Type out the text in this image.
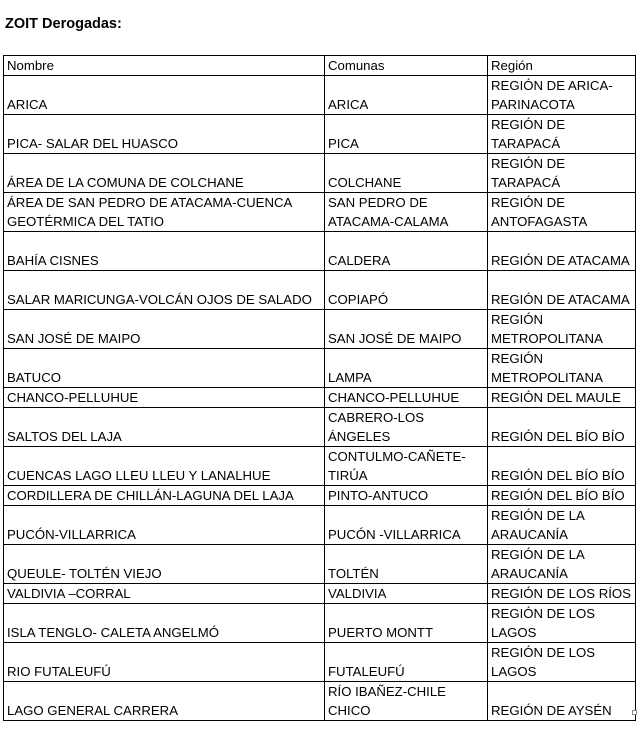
ZOIT Derogadas:
Nombre	Comunas	Región
ARICA	ARICA	REGIÓN DE ARICA-PARINACOTA
PICA- SALAR DEL HUASCO	PICA	REGIÓN DE TARAPACÁ
ÁREA DE LA COMUNA DE COLCHANE	COLCHANE	REGIÓN DE TARAPACÁ
ÁREA DE SAN PEDRO DE ATACAMA-CUENCA GEOTÉRMICA DEL TATIO	SAN PEDRO DE ATACAMA-CALAMA	REGIÓN DE ANTOFAGASTA
BAHÍA CISNES	CALDERA	REGIÓN DE ATACAMA
SALAR MARICUNGA-VOLCÁN OJOS DE SALADO	COPIAPÓ	REGIÓN DE ATACAMA
SAN JOSÉ DE MAIPO	SAN JOSÉ DE MAIPO	REGIÓN METROPOLITANA
BATUCO	LAMPA	REGIÓN METROPOLITANA
CHANCO-PELLUHUE	CHANCO-PELLUHUE	REGIÓN DEL MAULE
SALTOS DEL LAJA	CABRERO-LOS ÁNGELES	REGIÓN DEL BÍO BÍO
CUENCAS LAGO LLEU LLEU Y LANALHUE	CONTULMO-CAÑETE-TIRÚA	REGIÓN DEL BÍO BÍO
CORDILLERA DE CHILLÁN-LAGUNA DEL LAJA	PINTO-ANTUCO	REGIÓN DEL BÍO BÍO
PUCÓN-VILLARRICA	PUCÓN -VILLARRICA	REGIÓN DE LA ARAUCANÍA
QUEULE- TOLTÉN VIEJO	TOLTÉN	REGIÓN DE LA ARAUCANÍA
VALDIVIA –CORRAL	VALDIVIA	REGIÓN DE LOS RÍOS
ISLA TENGLO- CALETA ANGELMÓ	PUERTO MONTT	REGIÓN DE LOS LAGOS
RIO FUTALEUFÚ	FUTALEUFÚ	REGIÓN DE LOS LAGOS
LAGO GENERAL CARRERA	RÍO IBAÑEZ-CHILE CHICO	REGIÓN DE AYSÉN
